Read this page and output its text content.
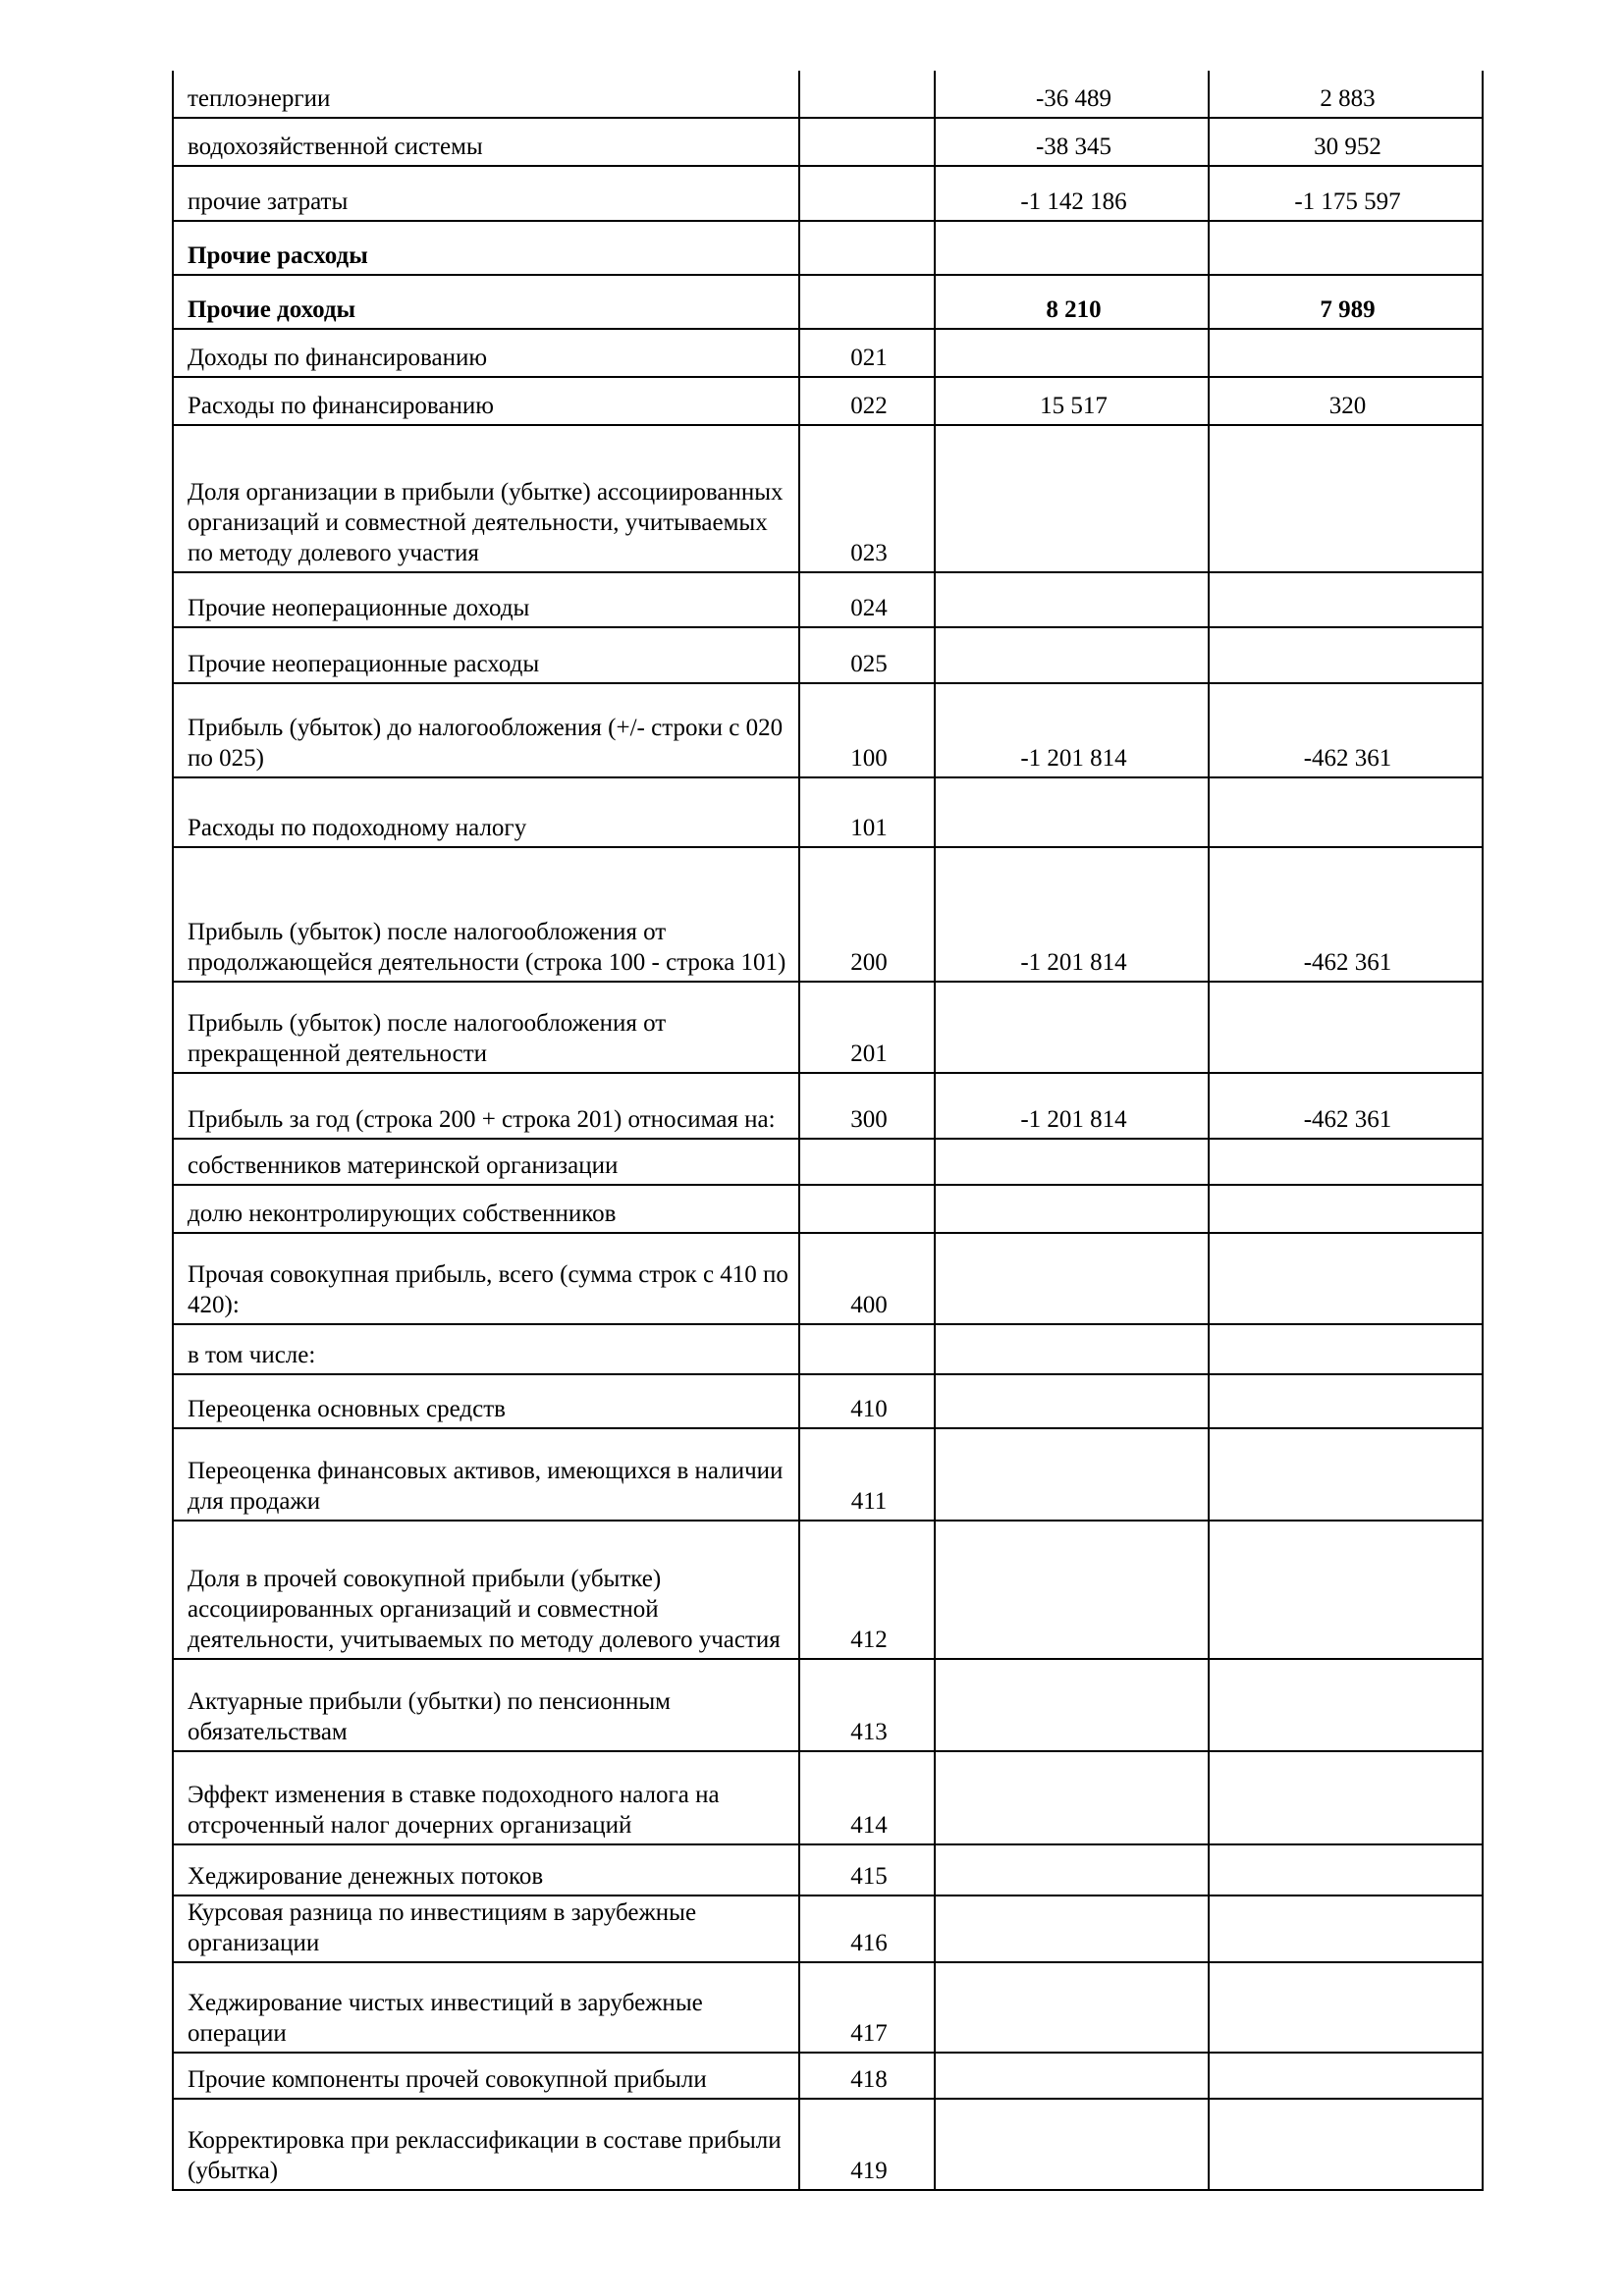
теплоэнергии		-36 489	2 883
водохозяйственной системы		-38 345	30 952
прочие затраты		-1 142 186	-1 175 597
Прочие расходы			
Прочие доходы		8 210	7 989
Доходы по финансированию	021		
Расходы по финансированию	022	15 517	320
Доля организации в прибыли (убытке) ассоциированных организаций и совместной деятельности, учитываемых по методу долевого участия	023		
Прочие неоперационные доходы	024		
Прочие неоперационные расходы	025		
Прибыль (убыток) до налогообложения (+/- строки с 020 по 025)	100	-1 201 814	-462 361
Расходы по подоходному налогу	101		
Прибыль (убыток) после налогообложения от продолжающейся деятельности (строка 100 - строка 101)	200	-1 201 814	-462 361
Прибыль (убыток) после налогообложения от прекращенной деятельности	201		
Прибыль за год (строка 200 + строка 201) относимая на:	300	-1 201 814	-462 361
собственников материнской организации			
долю неконтролирующих собственников			
Прочая совокупная прибыль, всего (сумма строк с 410 по 420):	400		
в том числе:			
Переоценка основных средств	410		
Переоценка финансовых активов, имеющихся в наличии для продажи	411		
Доля в прочей совокупной прибыли (убытке) ассоциированных организаций и совместной деятельности, учитываемых по методу долевого участия	412		
Актуарные прибыли (убытки) по пенсионным обязательствам	413		
Эффект изменения в ставке подоходного налога на отсроченный налог дочерних организаций	414		
Хеджирование денежных потоков	415		
Курсовая разница по инвестициям в зарубежные организации	416		
Хеджирование чистых инвестиций в зарубежные операции	417		
Прочие компоненты прочей совокупной прибыли	418		
Корректировка при реклассификации в составе прибыли (убытка)	419		
